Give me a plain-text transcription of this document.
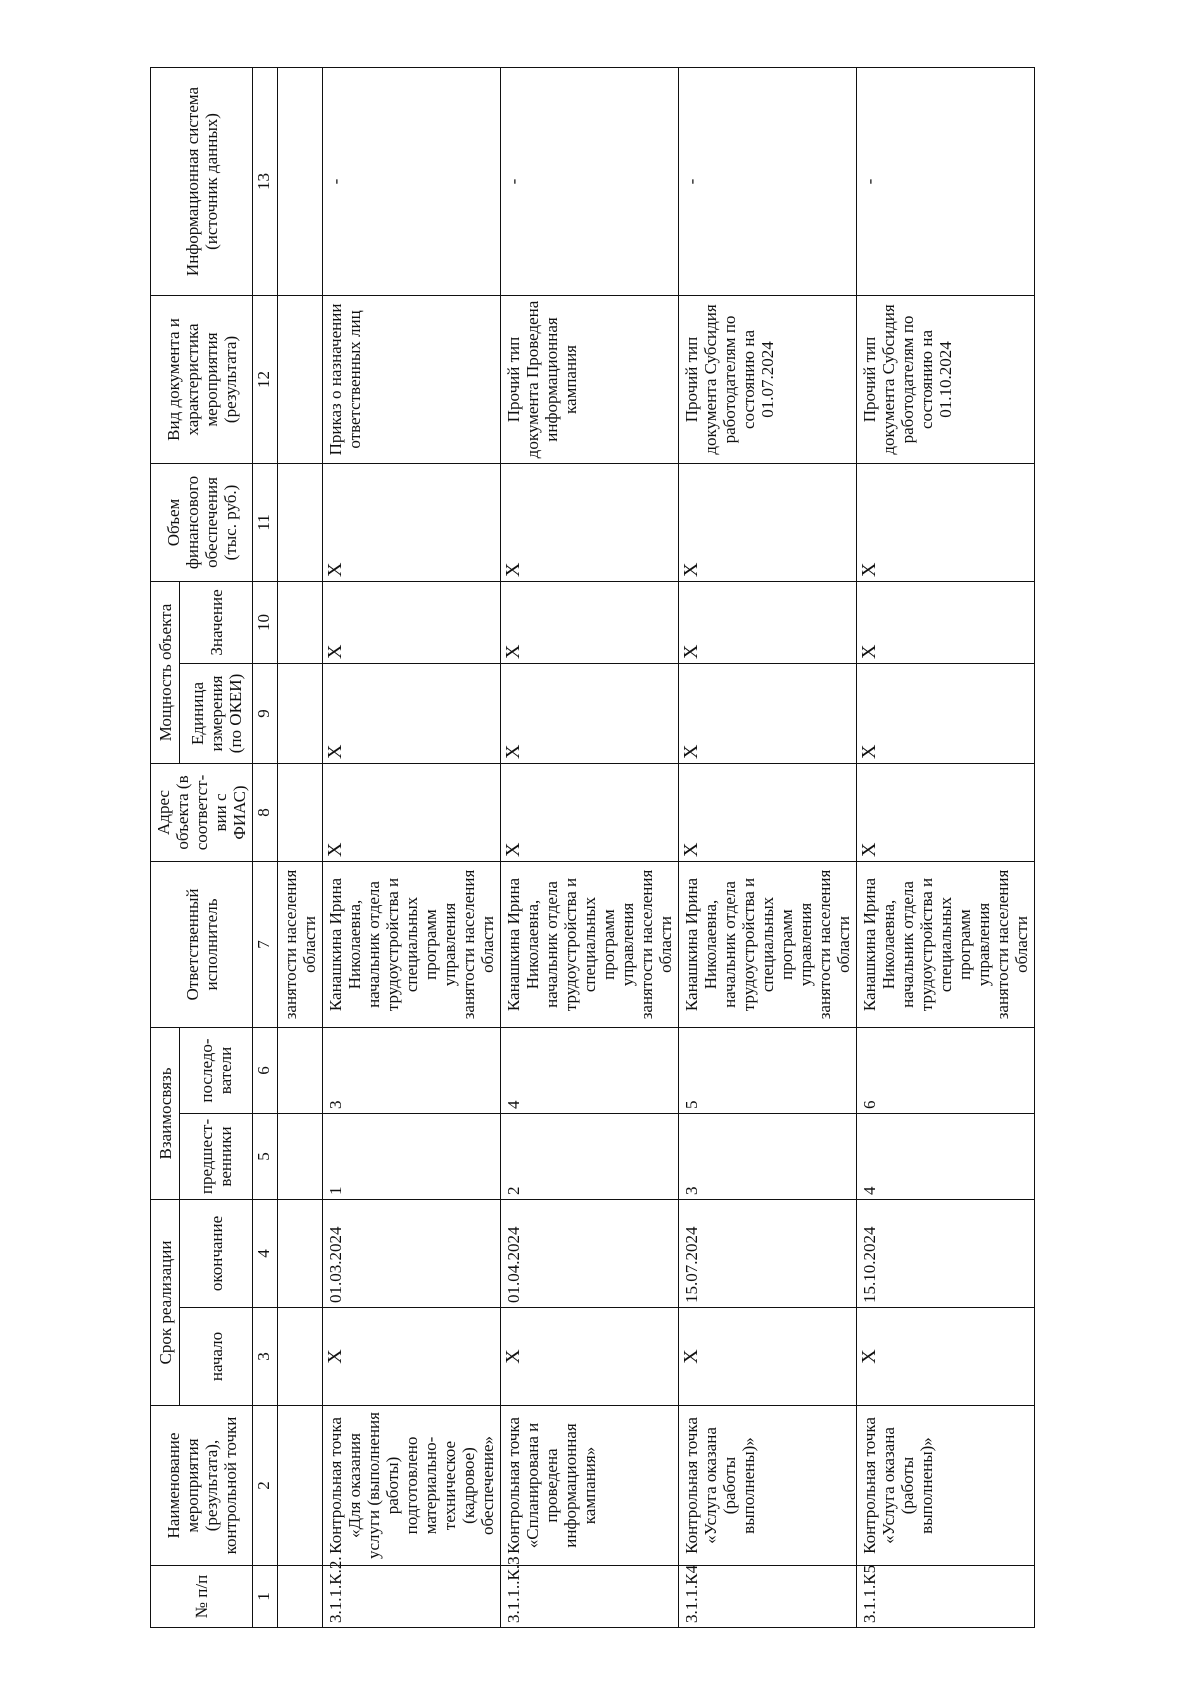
№ п/п	Наименование мероприятия (результата), контрольной точки	Срок реализации		Взаимосвязь		Ответственный исполнитель	Адрес объекта (в соответст-вии с ФИАС)	Мощность объекта		Объем финансового обеспечения (тыс. руб.)	Вид документа и характеристика мероприятия (результата)	Информационная система (источник данных)
		начало	окончание	предшест-венники	последо-ватели			Единица измерения (по ОКЕИ)	Значение			
1	2	3	4	5	6	7	8	9	10	11	12	13
						занятости населения области						
3.1.1.К.2.	Контрольная точка «Для оказания услуги (выполнения работы) подготовлено материально-техническое (кадровое) обеспечение»	Х	01.03.2024	1	3	Канашкина Ирина Николаевна, начальник отдела трудоустройства и специальных программ управления занятости населения области	Х	Х	Х	Х	Приказ о назначении ответственных лиц	-
3.1.1..К.3	Контрольная точка «Спланирована и проведена информационная кампания»	Х	01.04.2024	2	4	Канашкина Ирина Николаевна, начальник отдела трудоустройства и специальных программ управления занятости населения области	Х	Х	Х	Х	Прочий тип документа Проведена информационная кампания	-
3.1.1.К4	Контрольная точка «Услуга оказана (работы выполнены)»	Х	15.07.2024	3	5	Канашкина Ирина Николаевна, начальник отдела трудоустройства и специальных программ управления занятости населения области	Х	Х	Х	Х	Прочий тип документа Субсидия работодателям по состоянию на 01.07.2024	-
3.1.1.К5	Контрольная точка «Услуга оказана (работы выполнены)»	Х	15.10.2024	4	6	Канашкина Ирина Николаевна, начальник отдела трудоустройства и специальных программ управления занятости населения области	Х	Х	Х	Х	Прочий тип документа Субсидия работодателям по состоянию на 01.10.2024	-
